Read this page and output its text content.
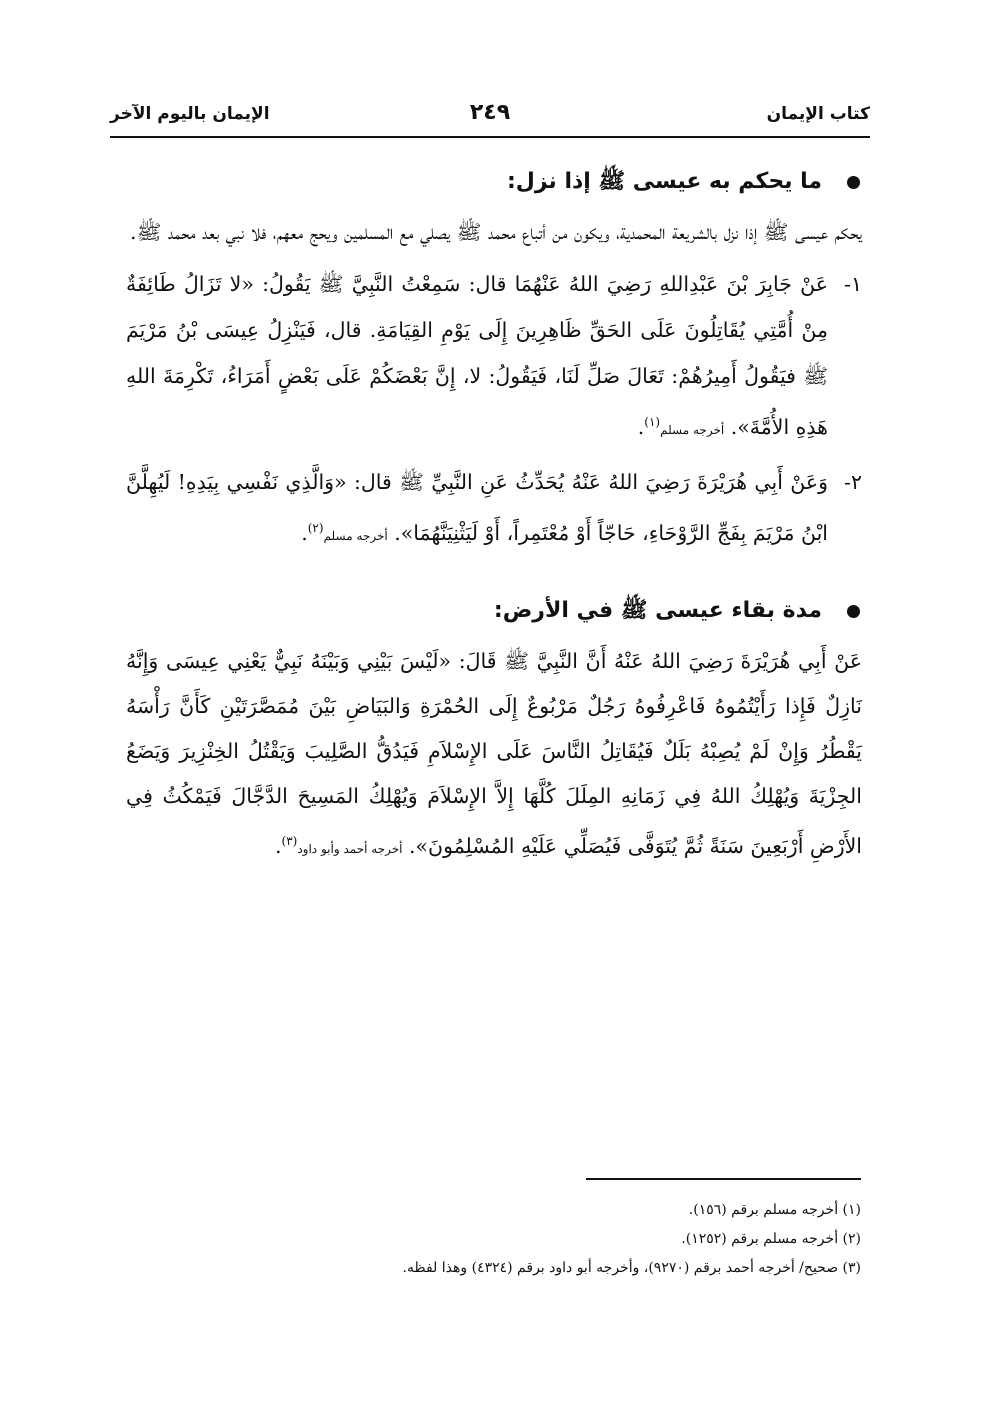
كتاب الإيمان
٢٤٩
الإيمان باليوم الآخر
ما يحكم به عيسى ﷺ إذا نزل:

يحكم عيسى ﷺ إذا نزل بالشريعة المحمدية، ويكون من أتباع محمد ﷺ يصلي مع المسلمين ويحج معهم، فلا نبي بعد محمد ﷺ.

١-
عَنْ جَابِرَ بْنَ عَبْدِاللهِ رَضِيَ اللهُ عَنْهُمَا قال: سَمِعْتُ النَّبِيَّ ﷺ يَقُولُ: «لا تَزَالُ طَائِفَةٌ مِنْ أُمَّتِي يُقَاتِلُونَ عَلَى الحَقِّ ظَاهِرِينَ إِلَى يَوْمِ القِيَامَةِ. قال، فَيَنْزِلُ عِيسَى بْنُ مَرْيَمَ ﷺ فيَقُولُ أَمِيرُهُمْ: تَعَالَ صَلِّ لَنَا، فَيَقُولُ: لا، إِنَّ بَعْضَكُمْ عَلَى بَعْضٍ أَمَرَاءُ، تَكْرِمَةَ اللهِ هَذِهِ الأُمَّةَ». أخرجه مسلم$^{(١)}$.

٢-
وَعَنْ أَبِي هُرَيْرَةَ رَضِيَ اللهُ عَنْهُ يُحَدِّثُ عَنِ النَّبِيِّ ﷺ قال: «وَالَّذِي نَفْسِي بِيَدِهِ! لَيُهِلَّنَّ ابْنُ مَرْيَمَ بِفَجِّ الرَّوْحَاءِ، حَاجّاً أَوْ مُعْتَمِراً، أَوْ لَيَثْنِيَنَّهُمَا». أخرجه مسلم$^{(٢)}$.

مدة بقاء عيسى ﷺ في الأرض:

عَنْ أَبِي هُرَيْرَةَ رَضِيَ اللهُ عَنْهُ أَنَّ النَّبِيَّ ﷺ قَالَ: «لَيْسَ بَيْنِي وَبَيْنَهُ نَبِيٌّ يَعْنِي عِيسَى وَإِنَّهُ نَازِلٌ فَإِذا رَأَيْتُمُوهُ فَاعْرِفُوهُ رَجُلٌ مَرْبُوعٌ إِلَى الحُمْرَةِ وَالبَيَاضِ بَيْنَ مُمَصَّرَتَيْنِ كَأَنَّ رَأْسَهُ يَقْطُرُ وَإِنْ لَمْ يُصِبْهُ بَلَلٌ فَيُقَاتِلُ النَّاسَ عَلَى الإِسْلاَمِ فَيَدُقُّ الصَّلِيبَ وَيَقْتُلُ الخِنْزِيرَ وَيَضَعُ الجِزْيَةَ وَيُهْلِكُ اللهُ فِي زَمَانِهِ المِلَلَ كُلَّهَا إِلاَّ الإِسْلاَمَ وَيُهْلِكُ المَسِيحَ الدَّجَّالَ فَيَمْكُثُ فِي الأَرْضِ أَرْبَعِينَ سَنَةً ثُمَّ يُتَوَفَّى فَيُصَلِّي عَلَيْهِ المُسْلِمُونَ». أخرجه أحمد وأبو داود$^{(٣)}$.

(١) أخرجه مسلم برقم (١٥٦).

(٢) أخرجه مسلم برقم (١٢٥٢).

(٣) صحيح/ أخرجه أحمد برقم (٩٢٧٠)، وأخرجه أبو داود برقم (٤٣٢٤) وهذا لفظه.
